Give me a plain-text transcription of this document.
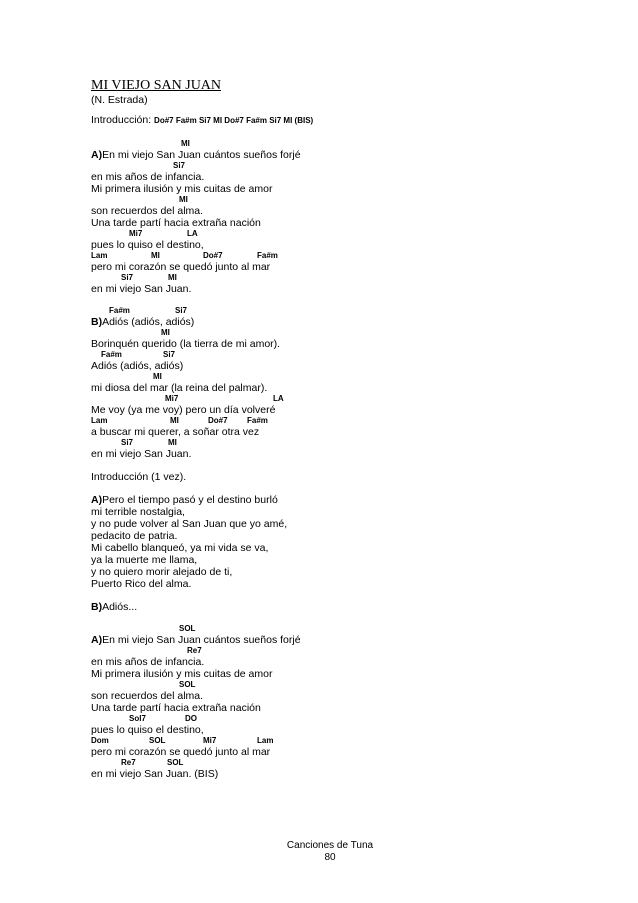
MI VIEJO SAN JUAN
(N. Estrada)
Introducción: Do#7 Fa#m Si7 MI Do#7 Fa#m Si7 MI (BIS)
MI
A)En mi viejo San Juan cuántos sueños forjé
Si7
en mis años de infancia.
Mi primera ilusión y mis cuitas de amor
MI
son recuerdos del alma.
Una tarde partí hacia extraña nación
Mi7	LA
pues lo quiso el destino,
Lam	MI	Do#7	Fa#m
pero mi corazón se quedó junto al mar
Si7	MI
en mi viejo San Juan.
Fa#m	Si7
B)Adiós (adiós, adiós)
MI
Borinquén querido (la tierra de mi amor).
Fa#m	Si7
Adiós (adiós, adiós)
MI
mi diosa del mar (la reina del palmar).
Mi7	LA
Me voy (ya me voy) pero un día volveré
Lam	MI	Do#7 Fa#m
a buscar mi querer, a soñar otra vez
Si7	MI
en mi viejo San Juan.
Introducción (1 vez).
A)Pero el tiempo pasó y el destino burló
mi terrible nostalgia,
y no pude volver al San Juan que yo amé,
pedacito de patria.
Mi cabello blanqueó, ya mi vida se va,
ya la muerte me llama,
y no quiero morir alejado de ti,
Puerto Rico del alma.
B)Adiós...
SOL
A)En mi viejo San Juan cuántos sueños forjé
Re7
en mis años de infancia.
Mi primera ilusión y mis cuitas de amor
SOL
son recuerdos del alma.
Una tarde partí hacia extraña nación
Sol7	DO
pues lo quiso el destino,
Dom	SOL	Mi7	Lam
pero mi corazón se quedó junto al mar
Re7	SOL
en mi viejo San Juan. (BIS)
Canciones de Tuna
80
